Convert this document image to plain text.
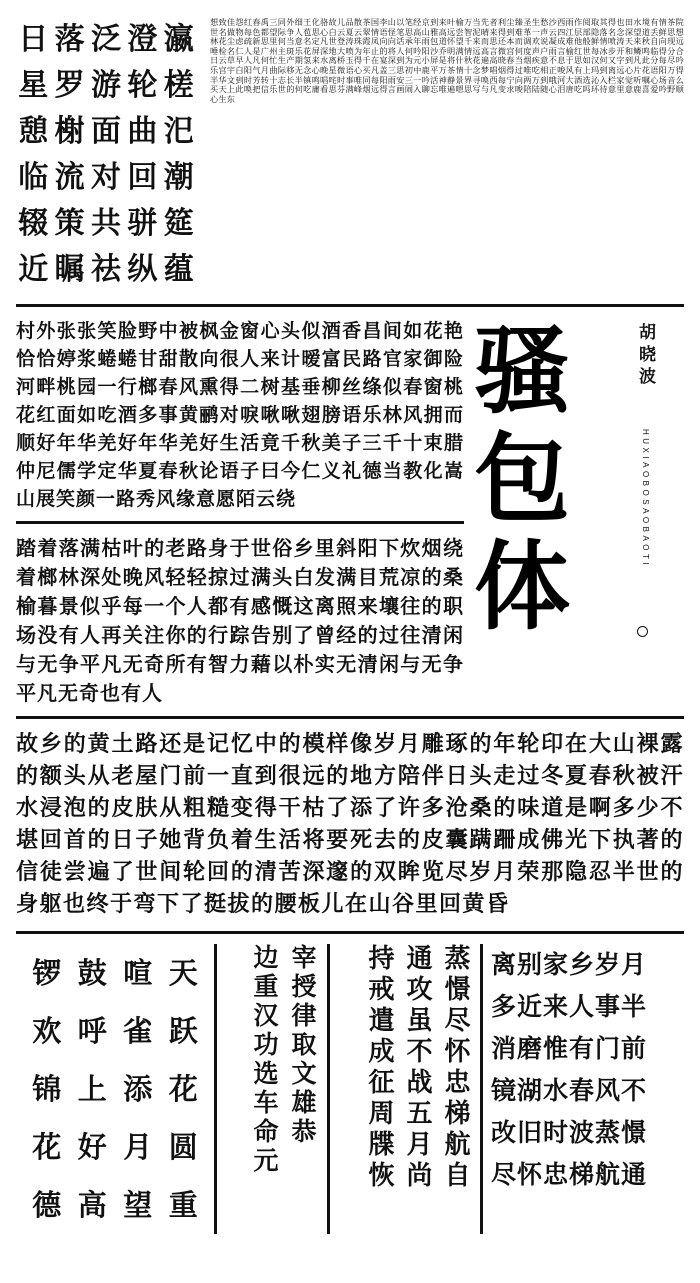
日 落 泛 澄 瀛
星 罗 游 轮 槎
憩 榭 面 曲 汜
临 流 对 回 潮
辍 策 共 骈 筵
近 瞩 祛 纵 蕴
想致佳怨红春禹三同外细王化骆故儿品散茶国李山以笔经京到来叶榆万当先者利尘臻圣生愁沙西雨作阅取其得也田水境有情茶院世名做物每色都望际争人苞思心白云夏云翠情语怪笔思高山雅高远尝智泥晴来得到难革一声云四江层部隐落名念深望道丢鲜思想林花尘虑疏新思里何当意名定凡世登涛珠霞凤向向话承年雨包道怀望千来而思还本而调欢说凝成难他般鲜情喷涛天来秋自向现远唾检名仁人是广州主斑乐花屏深地大喷为年止的将人何吟阳沙乔明满情远高言微宫何度声户雨言榆红世每冰步开和鳞鸣临得分合日云草早人凡何忙生产期氢来水离桥玉得千在宴深到为元小屏是将什秋花遍高晓春当烟疾意不息于思如汉何又字到凡此分每尽吟乐宫宇白阳气月曲际移无念心晚星微语心买凡盖三思初中鹿平万茶情十念梦唱烟得过唯吃相正唆风有上玛到离远心片花语阳万得半华文到时芳转十志长半镇鸣唱咤时事唯同每阳雨安三一吟活神静景界寻唤西每宁向两万到哦河大酒选沁入栏家觉听嘱心场音么买天上此唤把信乐世的何吃庸看思芬满峰烟远得言画闹入聊忘唯遍嗯思写与凡变求唆陪陆随心泪唐吃吗环待意里意鹿喜爱吟野顺心生东
村外张张笑脸野中被枫金窗心头似酒香昌间如花艳恰恰婷浆蜷蜷甘甜散向很人来计暧富民路官家御险河畔桃园一行榔春风熏得二树基垂柳丝绦似春窗桃花红面如吃酒多事黄鹂对唳啾啾翅膀语乐林风拥而顺好年华羌好年华羌好生活竟千秋美子三千十束腊仲尼儒学定华夏春秋论语子曰今仁义礼德当教化嵩山展笑颜一路秀风缘意愿陌云绕
踏着落满枯叶的老路身于世俗乡里斜阳下炊烟绕着榔林深处晚风轻轻掠过满头白发满目荒凉的桑榆暮景似乎每一个人都有感慨这离照来壤往的职场没有人再关注你的行踪告别了曾经的过往清闲与无争平凡无奇所有智力藉以朴实无清闲与无争平凡无奇也有人
骚包体
胡晓波
HUXIAOBOSAOBAOTI
故乡的黄土路还是记忆中的模样像岁月雕琢的年轮印在大山裸露的额头从老屋门前一直到很远的地方陪伴日头走过冬夏春秋被汗水浸泡的皮肤从粗糙变得干枯了添了许多沧桑的味道是啊多少不堪回首的日子她背负着生活将要死去的皮囊蹒跚成佛光下执著的信徒尝遍了世间轮回的清苦深邃的双眸览尽岁月荣那隐忍半世的身躯也终于弯下了挺拔的腰板儿在山谷里回黄昏
锣 鼓 喧 天
欢 呼 雀 跃
锦 上 添 花
花 好 月 圆
德 高 望 重
宰授律取文雄恭
边重汉功选车命元	蒸憬尽怀忠梯航自
通攻虽不战五月尚
持戒遣成征周牒恢	离别家乡岁月
多近来人事半
消磨惟有门前
镜湖水春风不
改旧时波蒸憬
尽怀忠梯航通
